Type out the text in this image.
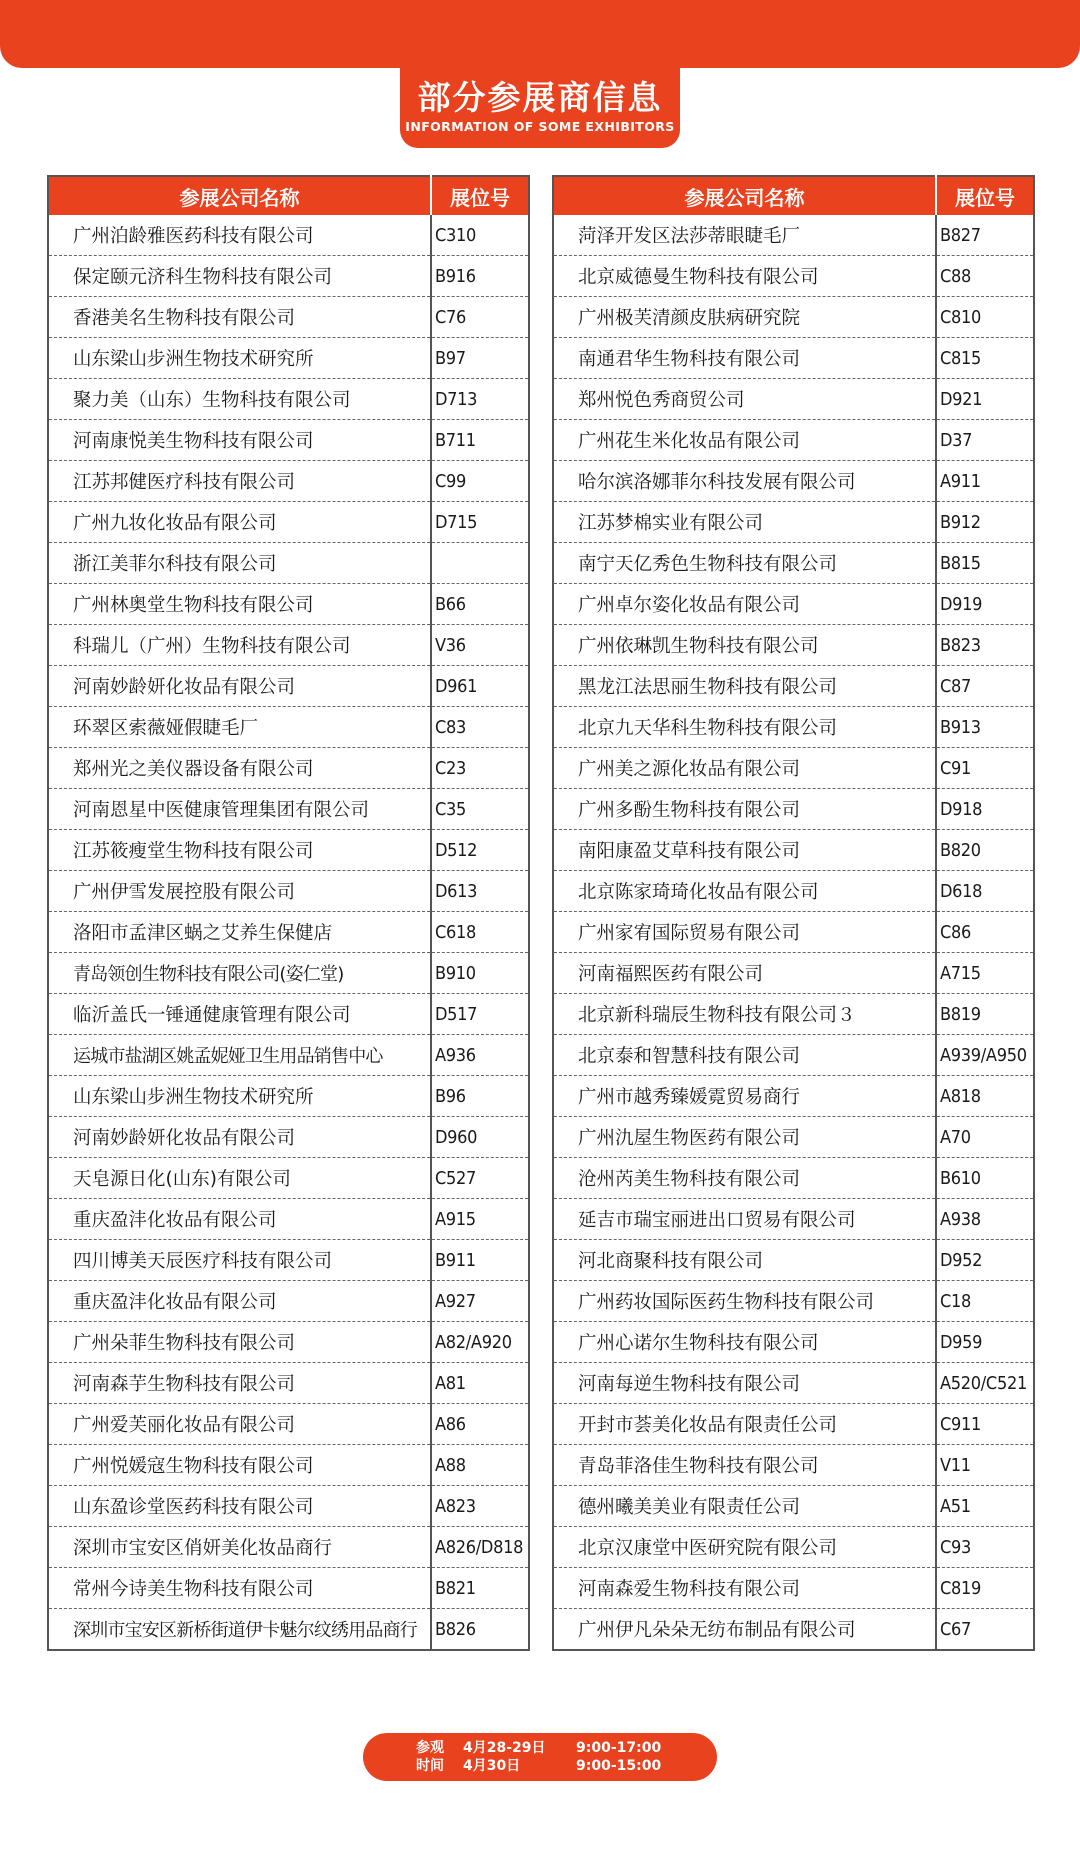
部分参展商信息
INFORMATION OF SOME EXHIBITORS
参展公司名称	展位号
广州泊龄雅医药科技有限公司	C310
保定颐元济科生物科技有限公司	B916
香港美名生物科技有限公司	C76
山东梁山步洲生物技术研究所	B97
聚力美（山东）生物科技有限公司	D713
河南康悦美生物科技有限公司	B711
江苏邦健医疗科技有限公司	C99
广州九妆化妆品有限公司	D715
浙江美菲尔科技有限公司	
广州林奥堂生物科技有限公司	B66
科瑞儿（广州）生物科技有限公司	V36
河南妙龄妍化妆品有限公司	D961
环翠区索薇娅假睫毛厂	C83
郑州光之美仪器设备有限公司	C23
河南恩星中医健康管理集团有限公司	C35
江苏筱瘦堂生物科技有限公司	D512
广州伊雪发展控股有限公司	D613
洛阳市孟津区蜗之艾养生保健店	C618
青岛领创生物科技有限公司(姿仁堂)	B910
临沂盖氏一锤通健康管理有限公司	D517
运城市盐湖区姚孟妮娅卫生用品销售中心	A936
山东梁山步洲生物技术研究所	B96
河南妙龄妍化妆品有限公司	D960
天皂源日化(山东)有限公司	C527
重庆盈沣化妆品有限公司	A915
四川博美天辰医疗科技有限公司	B911
重庆盈沣化妆品有限公司	A927
广州朵菲生物科技有限公司	A82/A920
河南森芋生物科技有限公司	A81
广州爱芙丽化妆品有限公司	A86
广州悦媛寇生物科技有限公司	A88
山东盈诊堂医药科技有限公司	A823
深圳市宝安区俏妍美化妆品商行	A826/D818
常州今诗美生物科技有限公司	B821
深圳市宝安区新桥街道伊卡魅尔纹绣用品商行	B826
参展公司名称	展位号
菏泽开发区法莎蒂眼睫毛厂	B827
北京威德曼生物科技有限公司	C88
广州极芙清颜皮肤病研究院	C810
南通君华生物科技有限公司	C815
郑州悦色秀商贸公司	D921
广州花生米化妆品有限公司	D37
哈尔滨洛娜菲尔科技发展有限公司	A911
江苏梦棉实业有限公司	B912
南宁天亿秀色生物科技有限公司	B815
广州卓尔姿化妆品有限公司	D919
广州依琳凯生物科技有限公司	B823
黑龙江法思丽生物科技有限公司	C87
北京九天华科生物科技有限公司	B913
广州美之源化妆品有限公司	C91
广州多酚生物科技有限公司	D918
南阳康盈艾草科技有限公司	B820
北京陈家琦琦化妆品有限公司	D618
广州家宥国际贸易有限公司	C86
河南福熙医药有限公司	A715
北京新科瑞辰生物科技有限公司３	B819
北京泰和智慧科技有限公司	A939/A950
广州市越秀臻媛霓贸易商行	A818
广州氿屋生物医药有限公司	A70
沧州芮美生物科技有限公司	B610
延吉市瑞宝丽进出口贸易有限公司	A938
河北商聚科技有限公司	D952
广州药妆国际医药生物科技有限公司	C18
广州心诺尔生物科技有限公司	D959
河南每逆生物科技有限公司	A520/C521
开封市荟美化妆品有限责任公司	C911
青岛菲洛佳生物科技有限公司	V11
德州曦美美业有限责任公司	A51
北京汉康堂中医研究院有限公司	C93
河南森爱生物科技有限公司	C819
广州伊凡朵朵无纺布制品有限公司	C67
参观
时间
4月28-29日 9:00-17:00
4月30日	9:00-15:00
